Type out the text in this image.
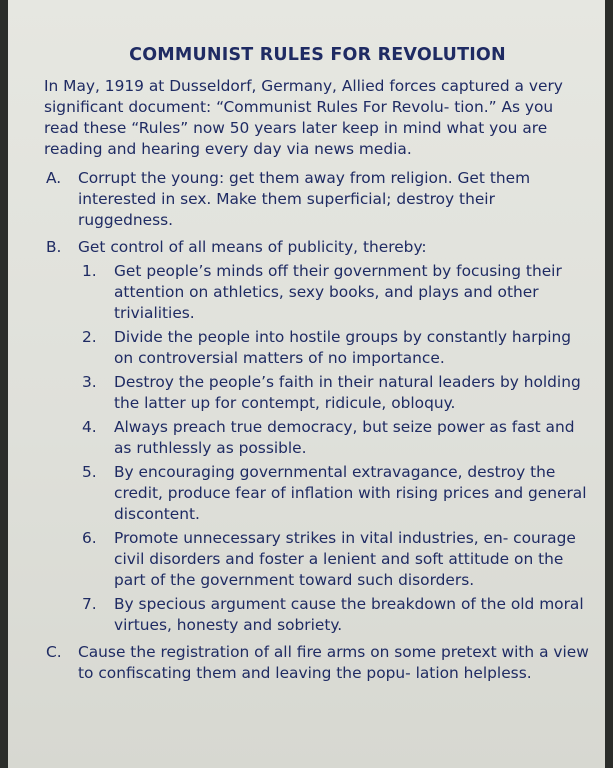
COMMUNIST RULES FOR REVOLUTION
In May, 1919 at Dusseldorf, Germany, Allied forces captured a very significant document: “Communist Rules For Revolu- tion.” As you read these “Rules” now 50 years later keep in mind what you are reading and hearing every day via news media.
A. Corrupt the young: get them away from religion. Get them interested in sex. Make them superficial; destroy their ruggedness.
B. Get control of all means of publicity, thereby:
1. Get people’s minds off their government by focusing their attention on athletics, sexy books, and plays and other trivialities.
2. Divide the people into hostile groups by constantly harping on controversial matters of no importance.
3. Destroy the people’s faith in their natural leaders by holding the latter up for contempt, ridicule, obloquy.
4. Always preach true democracy, but seize power as fast and as ruthlessly as possible.
5. By encouraging governmental extravagance, destroy the credit, produce fear of inflation with rising prices and general discontent.
6. Promote unnecessary strikes in vital industries, en- courage civil disorders and foster a lenient and soft attitude on the part of the government toward such disorders.
7. By specious argument cause the breakdown of the old moral virtues, honesty and sobriety.
C. Cause the registration of all fire arms on some pretext with a view to confiscating them and leaving the popu- lation helpless.
